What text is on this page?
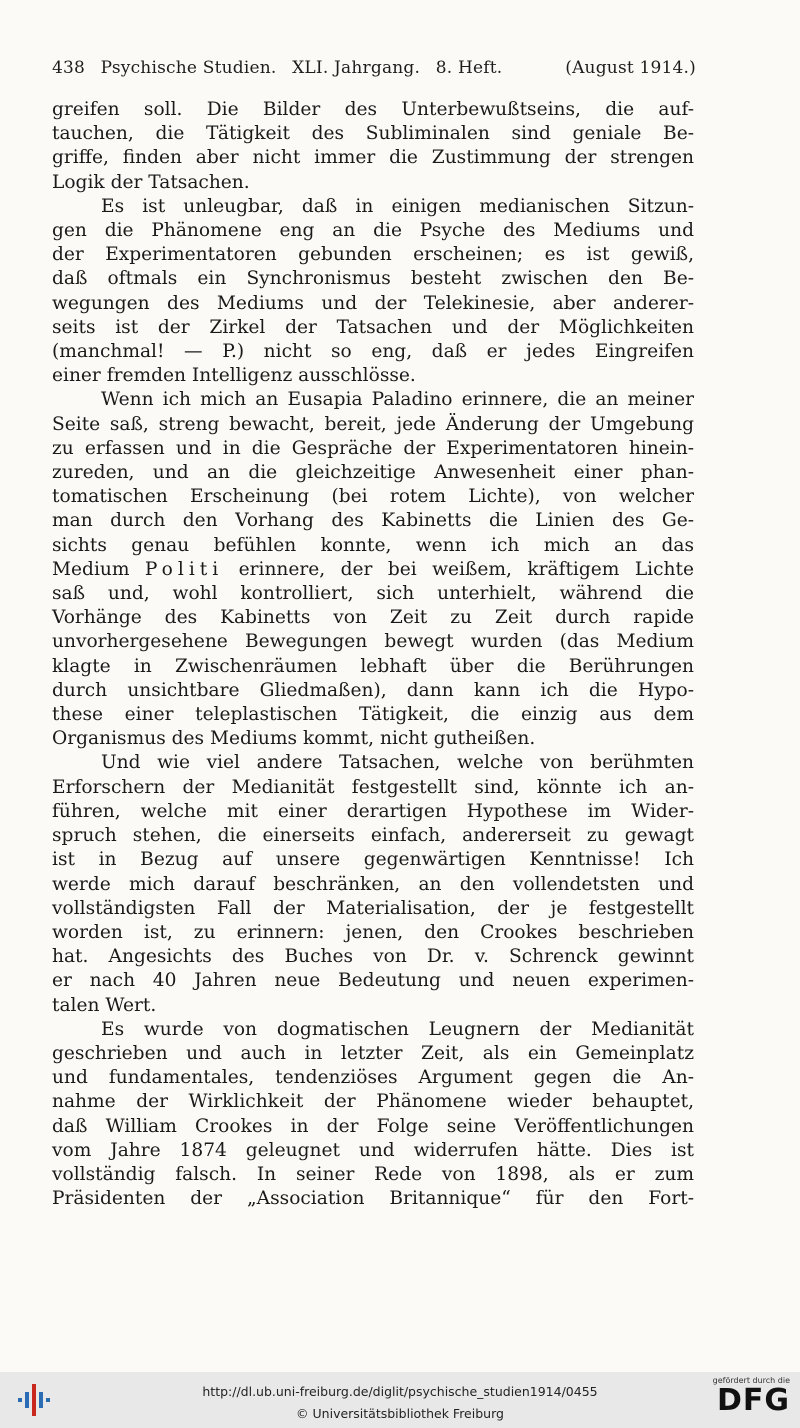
438 Psychische Studien. XLI. Jahrgang. 8. Heft.	(August 1914.)

greifen soll. Die Bilder des Unterbewußtseins, die auf-

tauchen, die Tätigkeit des Subliminalen sind geniale Be-

griffe, finden aber nicht immer die Zustimmung der strengen

Logik der Tatsachen.

Es ist unleugbar, daß in einigen medianischen Sitzun-

gen die Phänomene eng an die Psyche des Mediums und

der Experimentatoren gebunden erscheinen; es ist gewiß,

daß oftmals ein Synchronismus besteht zwischen den Be-

wegungen des Mediums und der Telekinesie, aber anderer-

seits ist der Zirkel der Tatsachen und der Möglichkeiten

(manchmal! — P.) nicht so eng, daß er jedes Eingreifen

einer fremden Intelligenz ausschlösse.

Wenn ich mich an Eusapia Paladino erinnere, die an meiner

Seite saß, streng bewacht, bereit, jede Änderung der Umgebung

zu erfassen und in die Gespräche der Experimentatoren hinein-

zureden, und an die gleichzeitige Anwesenheit einer phan-

tomatischen Erscheinung (bei rotem Lichte), von welcher

man durch den Vorhang des Kabinetts die Linien des Ge-

sichts genau befühlen konnte, wenn ich mich an das

Medium Politi erinnere, der bei weißem, kräftigem Lichte

saß und, wohl kontrolliert, sich unterhielt, während die

Vorhänge des Kabinetts von Zeit zu Zeit durch rapide

unvorhergesehene Bewegungen bewegt wurden (das Medium

klagte in Zwischenräumen lebhaft über die Berührungen

durch unsichtbare Gliedmaßen), dann kann ich die Hypo-

these einer teleplastischen Tätigkeit, die einzig aus dem

Organismus des Mediums kommt, nicht gutheißen.

Und wie viel andere Tatsachen, welche von berühmten

Erforschern der Medianität festgestellt sind, könnte ich an-

führen, welche mit einer derartigen Hypothese im Wider-

spruch stehen, die einerseits einfach, andererseit zu gewagt

ist in Bezug auf unsere gegenwärtigen Kenntnisse! Ich

werde mich darauf beschränken, an den vollendetsten und

vollständigsten Fall der Materialisation, der je festgestellt

worden ist, zu erinnern: jenen, den Crookes beschrieben

hat. Angesichts des Buches von Dr. v. Schrenck gewinnt

er nach 40 Jahren neue Bedeutung und neuen experimen-

talen Wert.

Es wurde von dogmatischen Leugnern der Medianität

geschrieben und auch in letzter Zeit, als ein Gemeinplatz

und fundamentales, tendenziöses Argument gegen die An-

nahme der Wirklichkeit der Phänomene wieder behauptet,

daß William Crookes in der Folge seine Veröffentlichungen

vom Jahre 1874 geleugnet und widerrufen hätte. Dies ist

vollständig falsch. In seiner Rede von 1898, als er zum

Präsidenten der „Association Britannique“ für den Fort-

http://dl.ub.uni-freiburg.de/diglit/psychische_studien1914/0455
© Universitätsbibliothek Freiburg
gefördert durch die
DFG
